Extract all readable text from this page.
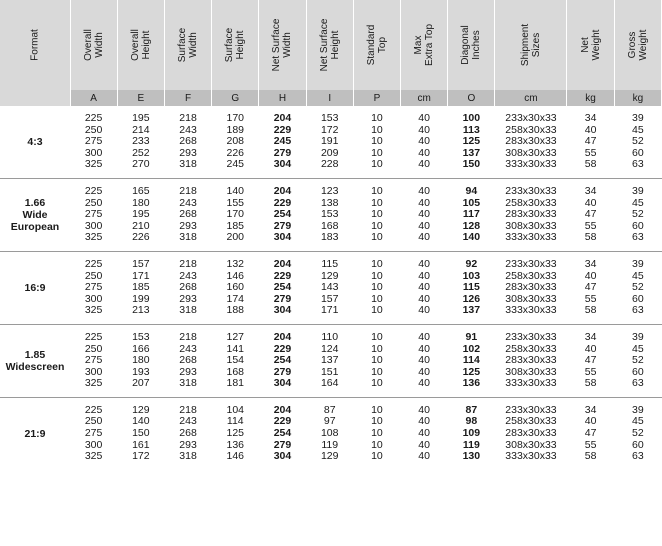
Format	Overall Width	Overall Height	Surface Width	Surface Height	Net Surface Width	Net Surface Height	Standard Top	Max Extra Top	Diagonal Inches	Shipment Sizes	Net Weight	Gross Weight

	A	E	F	G	H	I	P	cm	O	cm	kg	kg

4:3	225	195	218	170	204	153	10	40	100	233x30x33	34	39
	250	214	243	189	229	172	10	40	113	258x30x33	40	45
	275	233	268	208	245	191	10	40	125	283x30x33	47	52
	300	252	293	226	279	209	10	40	137	308x30x33	55	60
	325	270	318	245	304	228	10	40	150	333x30x33	58	63

1.66
Wide
European	225	165	218	140	204	123	10	40	94	233x30x33	34	39
	250	180	243	155	229	138	10	40	105	258x30x33	40	45
	275	195	268	170	254	153	10	40	117	283x30x33	47	52
	300	210	293	185	279	168	10	40	128	308x30x33	55	60
	325	226	318	200	304	183	10	40	140	333x30x33	58	63

16:9	225	157	218	132	204	115	10	40	92	233x30x33	34	39
	250	171	243	146	229	129	10	40	103	258x30x33	40	45
	275	185	268	160	254	143	10	40	115	283x30x33	47	52
	300	199	293	174	279	157	10	40	126	308x30x33	55	60
	325	213	318	188	304	171	10	40	137	333x30x33	58	63

1.85
Widescreen	225	153	218	127	204	110	10	40	91	233x30x33	34	39
	250	166	243	141	229	124	10	40	102	258x30x33	40	45
	275	180	268	154	254	137	10	40	114	283x30x33	47	52
	300	193	293	168	279	151	10	40	125	308x30x33	55	60
	325	207	318	181	304	164	10	40	136	333x30x33	58	63

21:9	225	129	218	104	204	87	10	40	87	233x30x33	34	39
	250	140	243	114	229	97	10	40	98	258x30x33	40	45
	275	150	268	125	254	108	10	40	109	283x30x33	47	52
	300	161	293	136	279	119	10	40	119	308x30x33	55	60
	325	172	318	146	304	129	10	40	130	333x30x33	58	63
